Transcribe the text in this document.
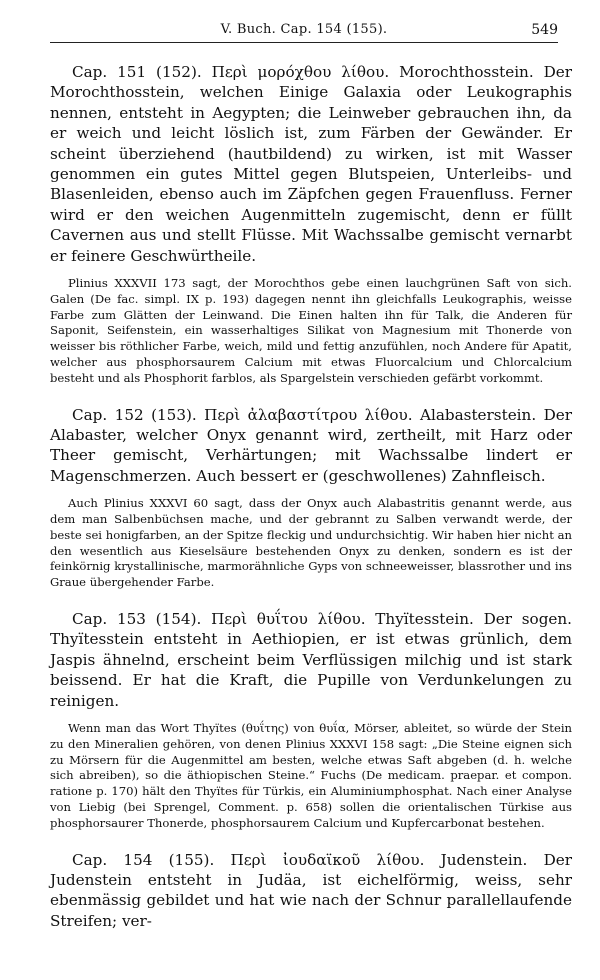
V. Buch. Cap. 154 (155).	549

Cap. 151 (152). Περὶ μορόχθου λίθου. Morochthosstein. Der Morochthosstein, welchen Einige Galaxia oder Leukographis nennen, entsteht in Aegypten; die Leinweber gebrauchen ihn, da er weich und leicht löslich ist, zum Färben der Gewänder. Er scheint überziehend (hautbildend) zu wirken, ist mit Wasser genommen ein gutes Mittel gegen Blutspeien, Unterleibs- und Blasenleiden, ebenso auch im Zäpfchen gegen Frauenfluss. Ferner wird er den weichen Augenmitteln zugemischt, denn er füllt Cavernen aus und stellt Flüsse. Mit Wachssalbe gemischt vernarbt er feinere Geschwürtheile.

Plinius XXXVII 173 sagt, der Morochthos gebe einen lauchgrünen Saft von sich. Galen (De fac. simpl. IX p. 193) dagegen nennt ihn gleichfalls Leukographis, weisse Farbe zum Glätten der Leinwand. Die Einen halten ihn für Talk, die Anderen für Saponit, Seifenstein, ein wasserhaltiges Silikat von Magnesium mit Thonerde von weisser bis röthlicher Farbe, weich, mild und fettig anzufühlen, noch Andere für Apatit, welcher aus phosphorsaurem Calcium mit etwas Fluorcalcium und Chlorcalcium besteht und als Phosphorit farblos, als Spargelstein verschieden gefärbt vorkommt.

Cap. 152 (153). Περὶ ἀλαβαστίτρου λίθου. Alabasterstein. Der Alabaster, welcher Onyx genannt wird, zertheilt, mit Harz oder Theer gemischt, Verhärtungen; mit Wachssalbe lindert er Magenschmerzen. Auch bessert er (geschwollenes) Zahnfleisch.

Auch Plinius XXXVI 60 sagt, dass der Onyx auch Alabastritis genannt werde, aus dem man Salbenbüchsen mache, und der gebrannt zu Salben verwandt werde, der beste sei honigfarben, an der Spitze fleckig und undurchsichtig. Wir haben hier nicht an den wesentlich aus Kieselsäure bestehenden Onyx zu denken, sondern es ist der feinkörnig krystallinische, marmorähnliche Gyps von schneeweisser, blassrother und ins Graue übergehender Farbe.

Cap. 153 (154). Περὶ θυΐτου λίθου. Thyïtesstein. Der sogen. Thyïtesstein entsteht in Aethiopien, er ist etwas grünlich, dem Jaspis ähnelnd, erscheint beim Verflüssigen milchig und ist stark beissend. Er hat die Kraft, die Pupille von Verdunkelungen zu reinigen.

Wenn man das Wort Thyïtes (θυΐτης) von θυΐα, Mörser, ableitet, so würde der Stein zu den Mineralien gehören, von denen Plinius XXXVI 158 sagt: „Die Steine eignen sich zu Mörsern für die Augenmittel am besten, welche etwas Saft abgeben (d. h. welche sich abreiben), so die äthiopischen Steine.“ Fuchs (De medicam. praepar. et compon. ratione p. 170) hält den Thyïtes für Türkis, ein Aluminiumphosphat. Nach einer Analyse von Liebig (bei Sprengel, Comment. p. 658) sollen die orientalischen Türkise aus phosphorsaurer Thonerde, phosphorsaurem Calcium und Kupfercarbonat bestehen.

Cap. 154 (155). Περὶ ἰουδαϊκοῦ λίθου. Judenstein. Der Judenstein entsteht in Judäa, ist eichelförmig, weiss, sehr ebenmässig gebildet und hat wie nach der Schnur parallellaufende Streifen; ver-
